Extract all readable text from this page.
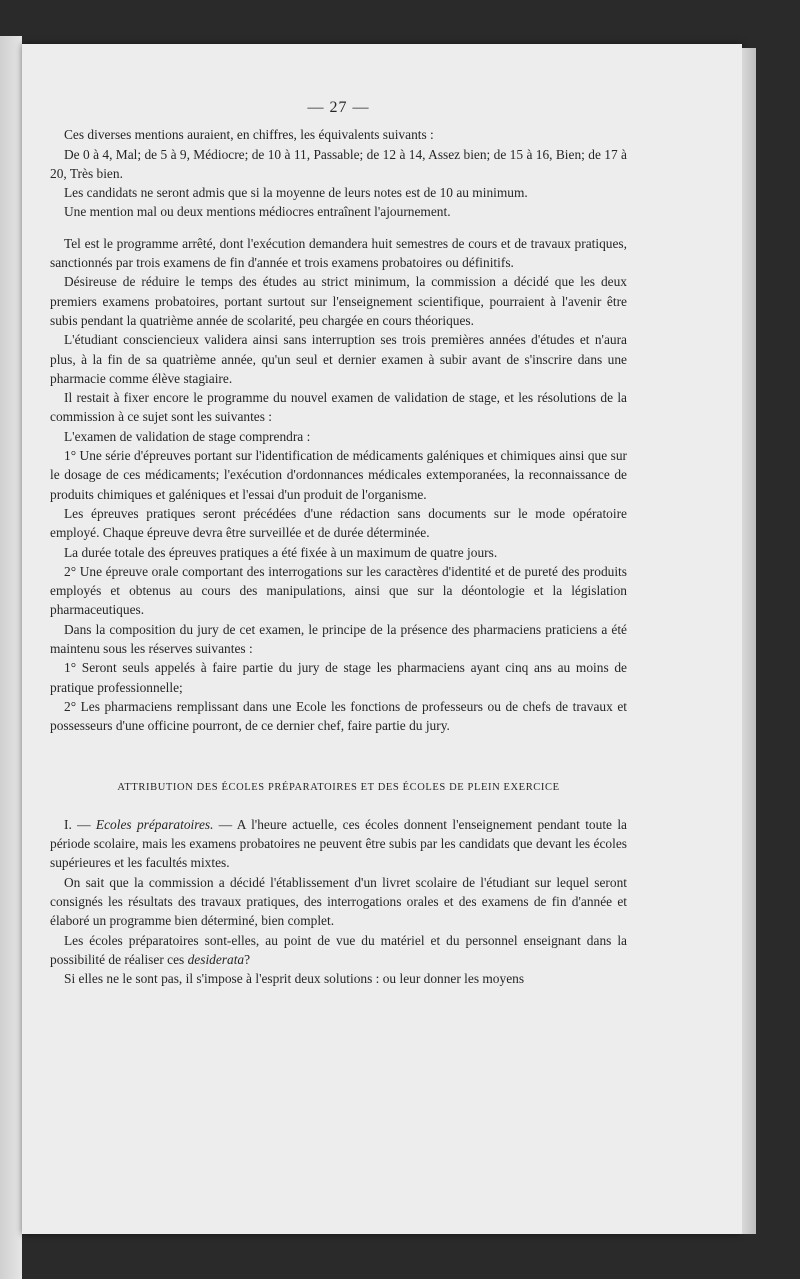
— 27 —

Ces diverses mentions auraient, en chiffres, les équivalents suivants :

De 0 à 4, Mal; de 5 à 9, Médiocre; de 10 à 11, Passable; de 12 à 14, Assez bien; de 15 à 16, Bien; de 17 à 20, Très bien.

Les candidats ne seront admis que si la moyenne de leurs notes est de 10 au minimum.

Une mention mal ou deux mentions médiocres entraînent l'ajournement.

Tel est le programme arrêté, dont l'exécution demandera huit semestres de cours et de travaux pratiques, sanctionnés par trois examens de fin d'année et trois examens probatoires ou définitifs.

Désireuse de réduire le temps des études au strict minimum, la commission a décidé que les deux premiers examens probatoires, portant surtout sur l'enseignement scientifique, pourraient à l'avenir être subis pendant la quatrième année de scolarité, peu chargée en cours théoriques.

L'étudiant consciencieux validera ainsi sans interruption ses trois premières années d'études et n'aura plus, à la fin de sa quatrième année, qu'un seul et dernier examen à subir avant de s'inscrire dans une pharmacie comme élève stagiaire.

Il restait à fixer encore le programme du nouvel examen de validation de stage, et les résolutions de la commission à ce sujet sont les suivantes :

L'examen de validation de stage comprendra :

1° Une série d'épreuves portant sur l'identification de médicaments galéniques et chimiques ainsi que sur le dosage de ces médicaments; l'exécution d'ordonnances médicales extemporanées, la reconnaissance de produits chimiques et galéniques et l'essai d'un produit de l'organisme.

Les épreuves pratiques seront précédées d'une rédaction sans documents sur le mode opératoire employé. Chaque épreuve devra être surveillée et de durée déterminée.

La durée totale des épreuves pratiques a été fixée à un maximum de quatre jours.

2° Une épreuve orale comportant des interrogations sur les caractères d'identité et de pureté des produits employés et obtenus au cours des manipulations, ainsi que sur la déontologie et la législation pharmaceutiques.

Dans la composition du jury de cet examen, le principe de la présence des pharmaciens praticiens a été maintenu sous les réserves suivantes :

1° Seront seuls appelés à faire partie du jury de stage les pharmaciens ayant cinq ans au moins de pratique professionnelle;

2° Les pharmaciens remplissant dans une Ecole les fonctions de professeurs ou de chefs de travaux et possesseurs d'une officine pourront, de ce dernier chef, faire partie du jury.

ATTRIBUTION DES ÉCOLES PRÉPARATOIRES ET DES ÉCOLES DE PLEIN EXERCICE

I. — Ecoles préparatoires. — A l'heure actuelle, ces écoles donnent l'enseignement pendant toute la période scolaire, mais les examens probatoires ne peuvent être subis par les candidats que devant les écoles supérieures et les facultés mixtes.

On sait que la commission a décidé l'établissement d'un livret scolaire de l'étudiant sur lequel seront consignés les résultats des travaux pratiques, des interrogations orales et des examens de fin d'année et élaboré un programme bien déterminé, bien complet.

Les écoles préparatoires sont-elles, au point de vue du matériel et du personnel enseignant dans la possibilité de réaliser ces desiderata?

Si elles ne le sont pas, il s'impose à l'esprit deux solutions : ou leur donner les moyens
